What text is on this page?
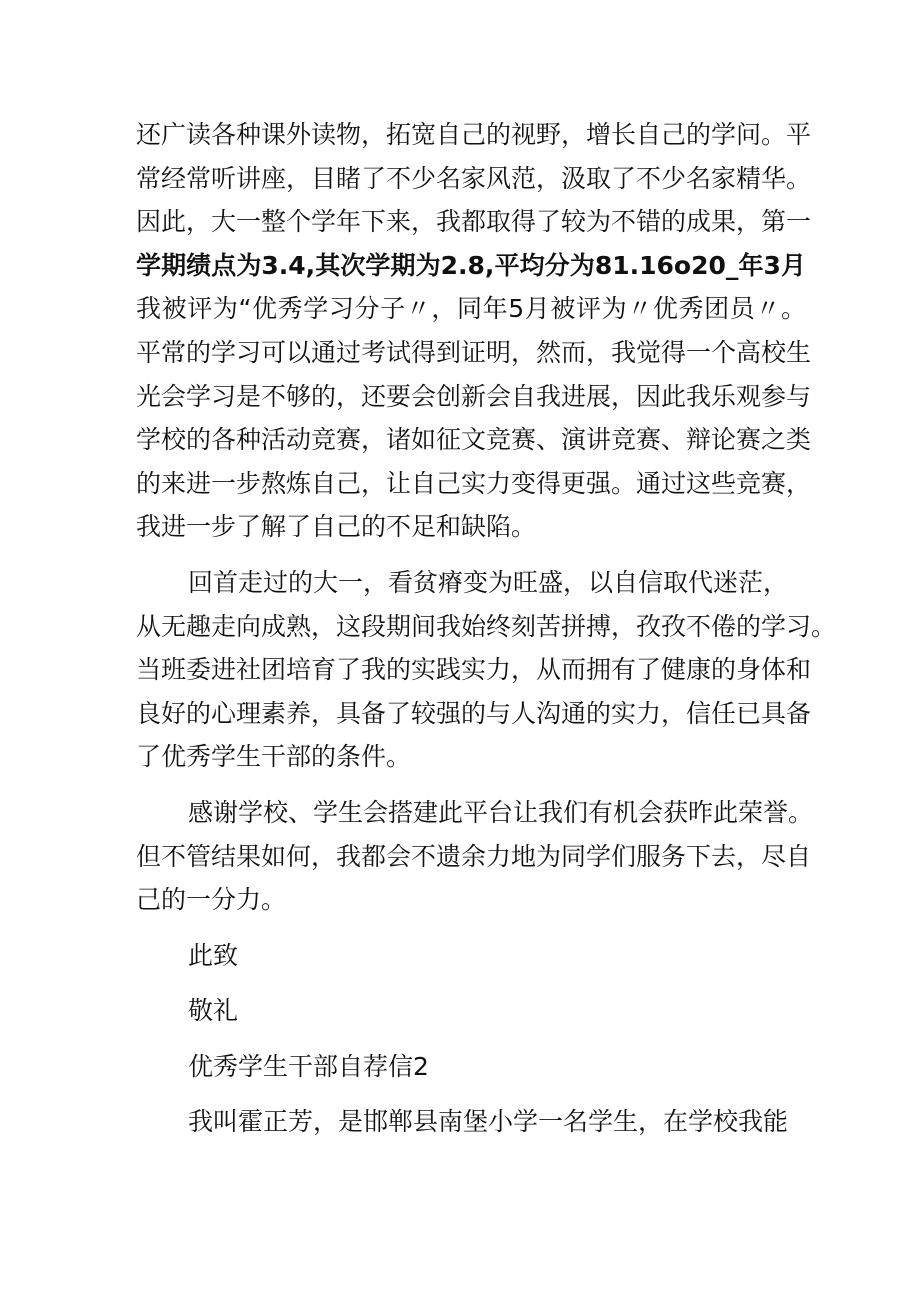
还广读各种课外读物，拓宽自己的视野，增长自己的学问。平
常经常听讲座，目睹了不少名家风范，汲取了不少名家精华。
因此，大一整个学年下来，我都取得了较为不错的成果，第一
学期绩点为3.4,其次学期为2.8,平均分为81.16o20_年3月
我被评为“优秀学习分子〃，同年5月被评为〃优秀团员〃。
平常的学习可以通过考试得到证明，然而，我觉得一个高校生
光会学习是不够的，还要会创新会自我进展，因此我乐观参与
学校的各种活动竞赛，诸如征文竞赛、演讲竞赛、辩论赛之类
的来进一步熬炼自己，让自己实力变得更强。通过这些竞赛，
我进一步了解了自己的不足和缺陷。
回首走过的大一，看贫瘠变为旺盛，以自信取代迷茫，
从无趣走向成熟，这段期间我始终刻苦拼搏，孜孜不倦的学习。
当班委进社团培育了我的实践实力，从而拥有了健康的身体和
良好的心理素养，具备了较强的与人沟通的实力，信任已具备
了优秀学生干部的条件。
感谢学校、学生会搭建此平台让我们有机会获昨此荣誉。
但不管结果如何，我都会不遗余力地为同学们服务下去，尽自
己的一分力。
此致
敬礼
优秀学生干部自荐信2
我叫霍正芳，是邯郸县南堡小学一名学生，在学校我能
